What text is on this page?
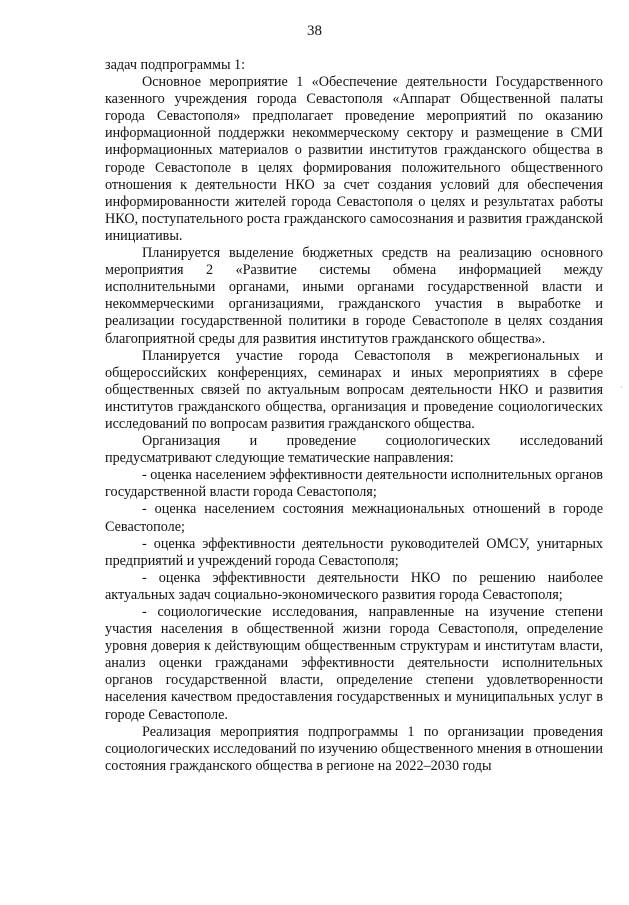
38

задач подпрограммы 1:

Основное мероприятие 1 «Обеспечение деятельности Государственного казенного учреждения города Севастополя «Аппарат Общественной палаты города Севастополя» предполагает проведение мероприятий по оказанию информационной поддержки некоммерческому сектору и размещение в СМИ информационных материалов о развитии институтов гражданского общества в городе Севастополе в целях формирования положительного общественного отношения к деятельности НКО за счет создания условий для обеспечения информированности жителей города Севастополя о целях и результатах работы НКО, поступательного роста гражданского самосознания и развития гражданской инициативы.

Планируется выделение бюджетных средств на реализацию основного мероприятия 2 «Развитие системы обмена информацией между исполнительными органами, иными органами государственной власти и некоммерческими организациями, гражданского участия в выработке и реализации государственной политики в городе Севастополе в целях создания благоприятной среды для развития институтов гражданского общества».

Планируется участие города Севастополя в межрегиональных и общероссийских конференциях, семинарах и иных мероприятиях в сфере общественных связей по актуальным вопросам деятельности НКО и развития институтов гражданского общества, организация и проведение социологических исследований по вопросам развития гражданского общества.

Организация и проведение социологических исследований предусматривают следующие тематические направления:

- оценка населением эффективности деятельности исполнительных органов государственной власти города Севастополя;

- оценка населением состояния межнациональных отношений в городе Севастополе;

- оценка эффективности деятельности руководителей ОМСУ, унитарных предприятий и учреждений города Севастополя;

- оценка эффективности деятельности НКО по решению наиболее актуальных задач социально-экономического развития города Севастополя;

- социологические исследования, направленные на изучение степени участия населения в общественной жизни города Севастополя, определение уровня доверия к действующим общественным структурам и институтам власти, анализ оценки гражданами эффективности деятельности исполнительных органов государственной власти, определение степени удовлетворенности населения качеством предоставления государственных и муниципальных услуг в городе Севастополе.

Реализация мероприятия подпрограммы 1 по организации проведения социологических исследований по изучению общественного мнения в отношении состояния гражданского общества в регионе на 2022–2030 годы

·
